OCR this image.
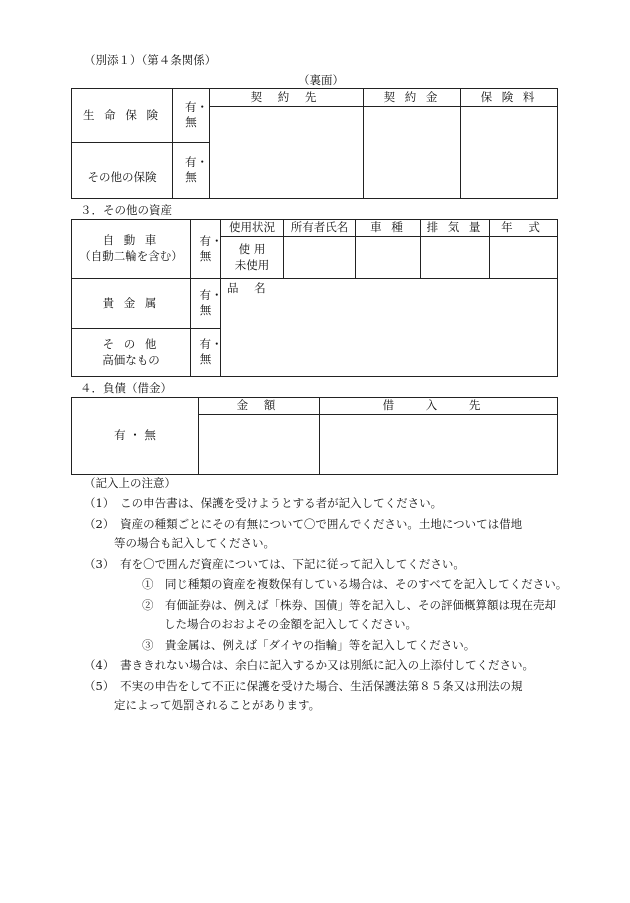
（別添１）（第４条関係）
（裏面）
生 命 保 険	有・無	契 約 先	契 約 金	保 険 料

その他の保険	有・無			

３．その他の資産
自 動 車
（自動二輪を含む）	有・無	使用状況	所有者氏名	車 種	排 気 量	年 式

		使 用
未使用				

貴 金 属	有・無	品 名				

そ の 他
高価なもの	有・無					
４．負債（借金）
有 ・ 無	金 額	借 入 先

（記入上の注意）
（1）　この申告書は、保護を受けようとする者が記入してください。
（2）　資産の種類ごとにその有無について〇で囲んでください。土地については借地
等の場合も記入してください。
（3）　有を〇で囲んだ資産については、下記に従って記入してください。
①　同じ種類の資産を複数保有している場合は、そのすべてを記入してください。
②　有価証券は、例えば「株券、国債」等を記入し、その評価概算額は現在売却
した場合のおおよその金額を記入してください。
③　貴金属は、例えば「ダイヤの指輪」等を記入してください。
（4）　書ききれない場合は、余白に記入するか又は別紙に記入の上添付してください。
（5）　不実の申告をして不正に保護を受けた場合、生活保護法第８５条又は刑法の規
定によって処罰されることがあります。
